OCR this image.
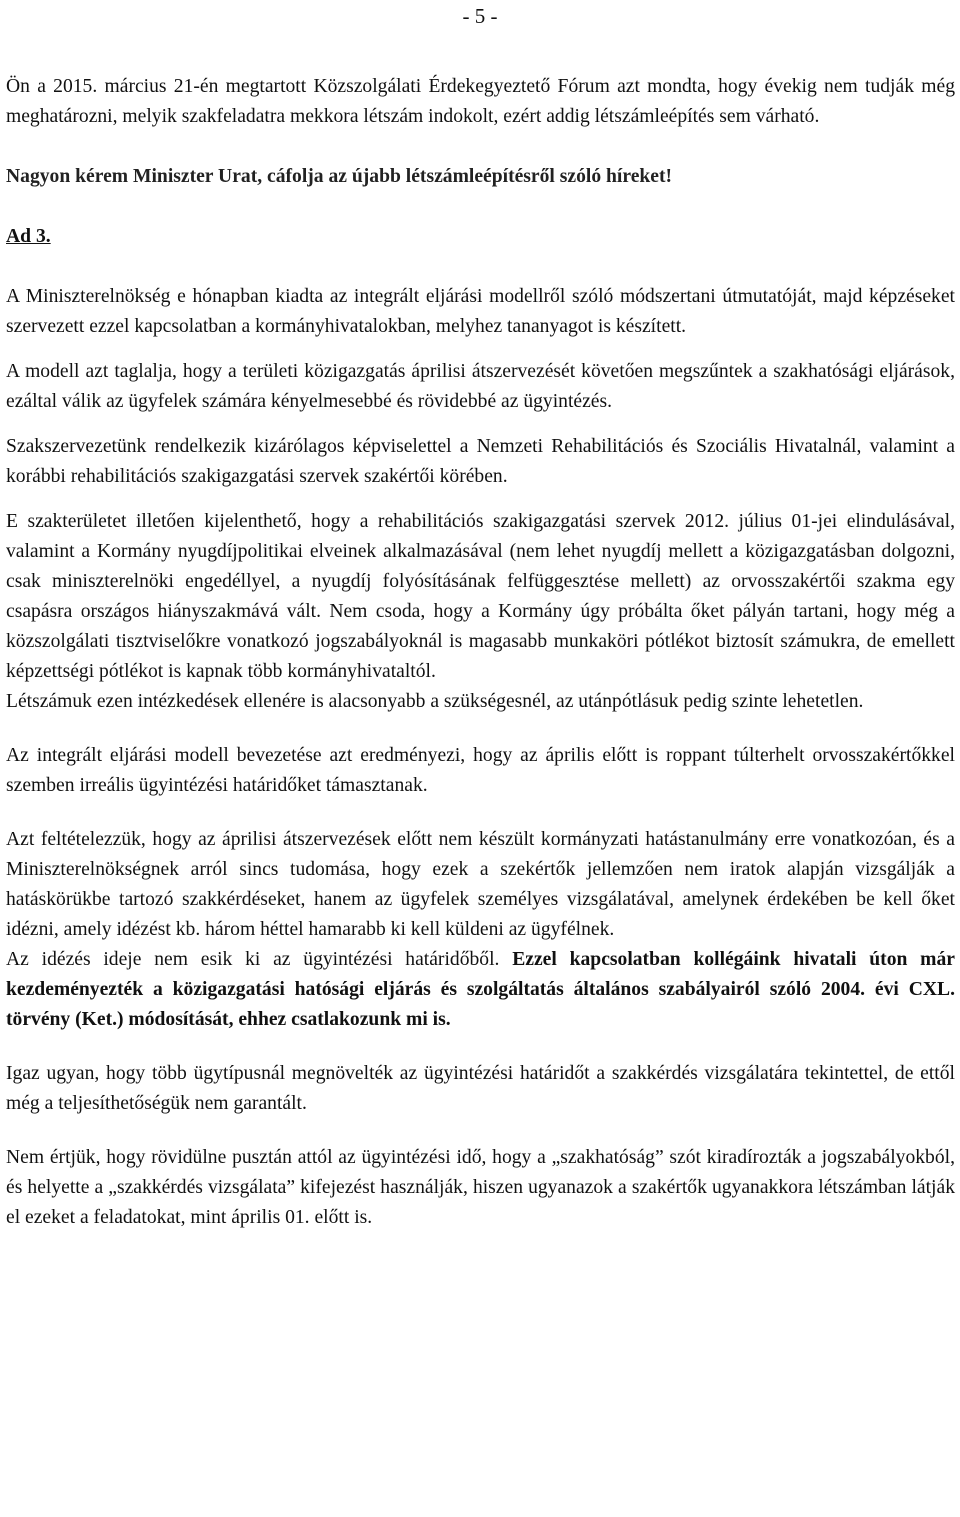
- 5 -

Ön a 2015. március 21-én megtartott Közszolgálati Érdekegyeztető Fórum azt mondta, hogy évekig nem tudják még meghatározni, melyik szakfeladatra mekkora létszám indokolt, ezért addig létszámleépítés sem várható.

Nagyon kérem Miniszter Urat, cáfolja az újabb létszámleépítésről szóló híreket!

Ad 3.

A Miniszterelnökség e hónapban kiadta az integrált eljárási modellről szóló módszertani útmutatóját, majd képzéseket szervezett ezzel kapcsolatban a kormányhivatalokban, melyhez tananyagot is készített.

A modell azt taglalja, hogy a területi közigazgatás áprilisi átszervezését követően megszűntek a szakhatósági eljárások, ezáltal válik az ügyfelek számára kényelmesebbé és rövidebbé az ügyintézés.

Szakszervezetünk rendelkezik kizárólagos képviselettel a Nemzeti Rehabilitációs és Szociális Hivatalnál, valamint a korábbi rehabilitációs szakigazgatási szervek szakértői körében.

E szakterületet illetően kijelenthető, hogy a rehabilitációs szakigazgatási szervek 2012. július 01-jei elindulásával, valamint a Kormány nyugdíjpolitikai elveinek alkalmazásával (nem lehet nyugdíj mellett a közigazgatásban dolgozni, csak miniszterelnöki engedéllyel, a nyugdíj folyósításának felfüggesztése mellett) az orvosszakértői szakma egy csapásra országos hiányszakmává vált. Nem csoda, hogy a Kormány úgy próbálta őket pályán tartani, hogy még a közszolgálati tisztviselőkre vonatkozó jogszabályoknál is magasabb munkaköri pótlékot biztosít számukra, de emellett képzettségi pótlékot is kapnak több kormányhivataltól.

Létszámuk ezen intézkedések ellenére is alacsonyabb a szükségesnél, az utánpótlásuk pedig szinte lehetetlen.

Az integrált eljárási modell bevezetése azt eredményezi, hogy az április előtt is roppant túlterhelt orvosszakértőkkel szemben irreális ügyintézési határidőket támasztanak.

Azt feltételezzük, hogy az áprilisi átszervezések előtt nem készült kormányzati hatástanulmány erre vonatkozóan, és a Miniszterelnökségnek arról sincs tudomása, hogy ezek a szekértők jellemzően nem iratok alapján vizsgálják a hatáskörükbe tartozó szakkérdéseket, hanem az ügyfelek személyes vizsgálatával, amelynek érdekében be kell őket idézni, amely idézést kb. három héttel hamarabb ki kell küldeni az ügyfélnek.

Az idézés ideje nem esik ki az ügyintézési határidőből. Ezzel kapcsolatban kollégáink hivatali úton már kezdeményezték a közigazgatási hatósági eljárás és szolgáltatás általános szabályairól szóló 2004. évi CXL. törvény (Ket.) módosítását, ehhez csatlakozunk mi is.

Igaz ugyan, hogy több ügytípusnál megnövelték az ügyintézési határidőt a szakkérdés vizsgálatára tekintettel, de ettől még a teljesíthetőségük nem garantált.

Nem értjük, hogy rövidülne pusztán attól az ügyintézési idő, hogy a „szakhatóság” szót kiradírozták a jogszabályokból, és helyette a „szakkérdés vizsgálata” kifejezést használják, hiszen ugyanazok a szakértők ugyanakkora létszámban látják el ezeket a feladatokat, mint április 01. előtt is.
